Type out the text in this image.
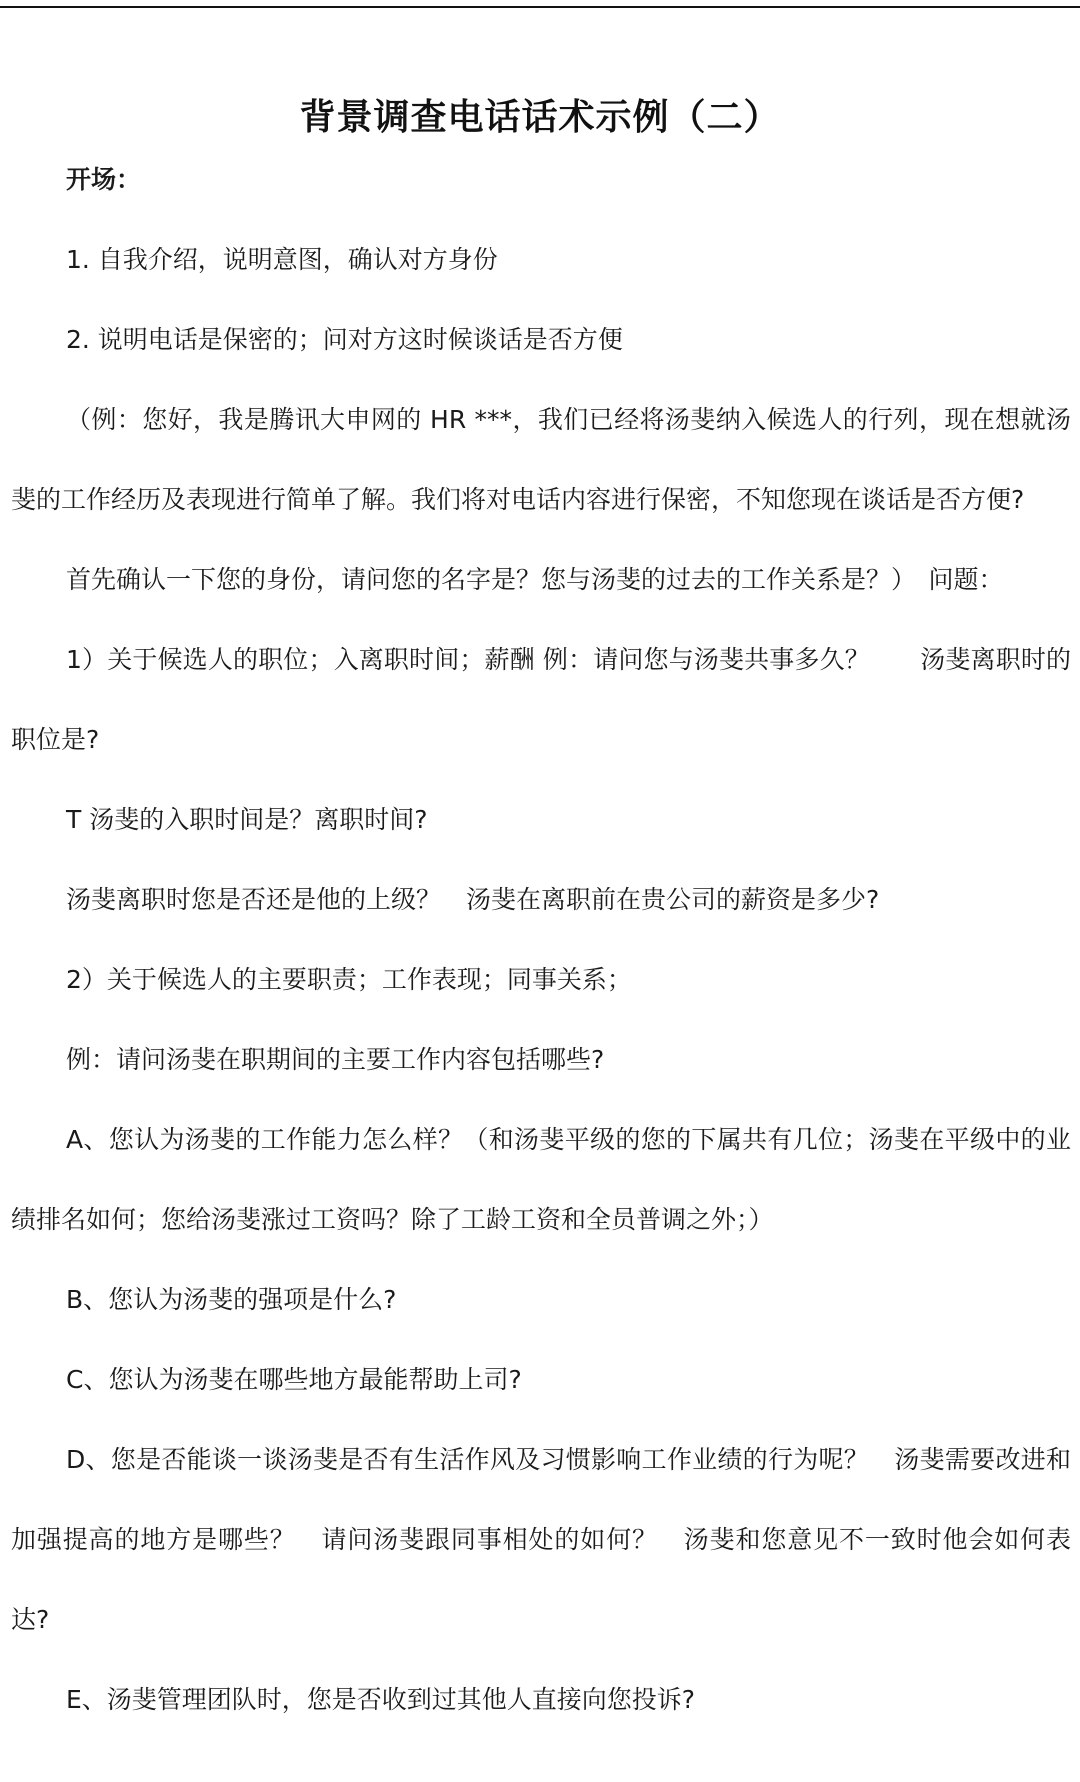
背景调查电话话术示例（二）

开场：

1. 自我介绍，说明意图，确认对方身份

2. 说明电话是保密的；问对方这时候谈话是否方便

（例：您好，我是腾讯大申网的 HR ***，我们已经将汤斐纳入候选人的行列，现在想就汤斐的工作经历及表现进行简单了解。我们将对电话内容进行保密，不知您现在谈话是否方便?

首先确认一下您的身份，请问您的名字是？您与汤斐的过去的工作关系是？）　问题：

1）关于候选人的职位；入离职时间；薪酬 例：请问您与汤斐共事多久？　　汤斐离职时的职位是?

T 汤斐的入职时间是？离职时间?

汤斐离职时您是否还是他的上级？　汤斐在离职前在贵公司的薪资是多少?

2）关于候选人的主要职责；工作表现；同事关系；

例：请问汤斐在职期间的主要工作内容包括哪些?

A、您认为汤斐的工作能力怎么样？（和汤斐平级的您的下属共有几位；汤斐在平级中的业绩排名如何；您给汤斐涨过工资吗？除了工龄工资和全员普调之外；）

B、您认为汤斐的强项是什么?

C、您认为汤斐在哪些地方最能帮助上司?

D、您是否能谈一谈汤斐是否有生活作风及习惯影响工作业绩的行为呢？　汤斐需要改进和加强提高的地方是哪些？　请问汤斐跟同事相处的如何？　汤斐和您意见不一致时他会如何表达?

E、汤斐管理团队时，您是否收到过其他人直接向您投诉?
